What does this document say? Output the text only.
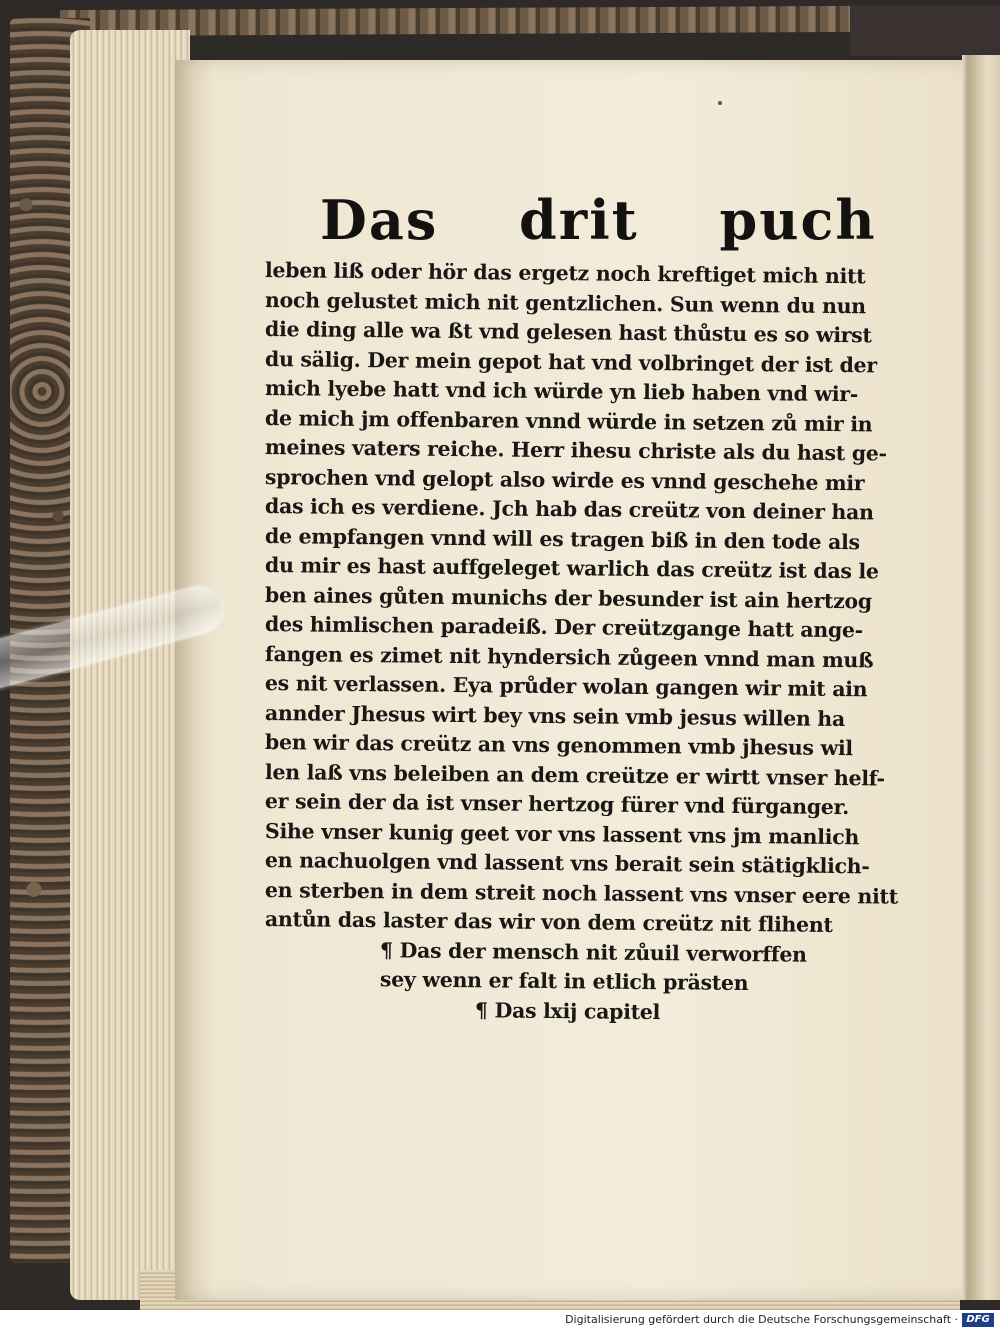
Das drit puch
leben liß oder hör das ergetz noch kreftiget mich nitt
noch gelustet mich nit gentzlichen. Sun wenn du nun
die ding alle wa ßt vnd gelesen hast thůstu es so wirst
du sälig. Der mein gepot hat vnd volbringet der ist der
mich lyebe hatt vnd ich würde yn lieb haben vnd wir-
de mich jm offenbaren vnnd würde in setzen zů mir in
meines vaters reiche. Herr ihesu christe als du hast ge-
sprochen vnd gelopt also wirde es vnnd geschehe mir
das ich es verdiene. Jch hab das creütz von deiner han
de empfangen vnnd will es tragen biß in den tode als
du mir es hast auffgeleget warlich das creütz ist das le
ben aines gůten munichs der besunder ist ain hertzog
des himlischen paradeiß. Der creützgange hatt ange-
fangen es zimet nit hyndersich zůgeen vnnd man muß
es nit verlassen. Eya průder wolan gangen wir mit ain
annder Jhesus wirt bey vns sein vmb jesus willen ha
ben wir das creütz an vns genommen vmb jhesus wil
len laß vns beleiben an dem creütze er wirtt vnser helf-
er sein der da ist vnser hertzog fürer vnd fürganger.
Sihe vnser kunig geet vor vns lassent vns jm manlich
en nachuolgen vnd lassent vns berait sein stätigklich-
en sterben in dem streit noch lassent vns vnser eere nitt
antůn das laster das wir von dem creütz nit flihent
¶ Das der mensch nit zůuil verworffen
sey wenn er falt in etlich prästen
¶ Das lxij capitel
Digitalisierung gefördert durch die Deutsche Forschungsgemeinschaft · DFG
